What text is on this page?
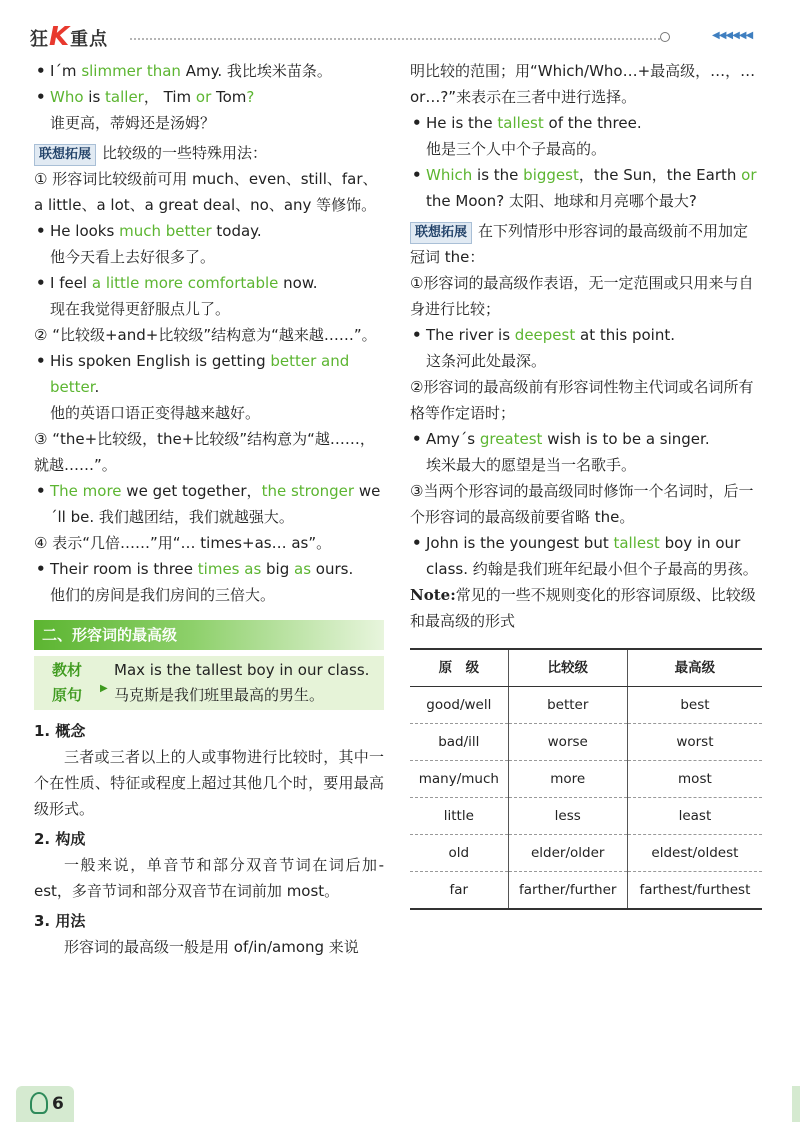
狂K重点	◀◀◀◀◀◀

• I´m slimmer than Amy. 我比埃米苗条。

• Who is taller， Tim or Tom?

谁更高，蒂姆还是汤姆？

联想拓展 比较级的一些特殊用法：

① 形容词比较级前可用 much、even、still、far、a little、a lot、a great deal、no、any 等修饰。

• He looks much better today.

他今天看上去好很多了。

• I feel a little more comfortable now.

现在我觉得更舒服点儿了。

② “比较级+and+比较级”结构意为“越来越……”。

• His spoken English is getting better and better.

他的英语口语正变得越来越好。

③ “the+比较级，the+比较级”结构意为“越……，就越……”。

• The more we get together，the stronger we´ll be. 我们越团结，我们就越强大。

④ 表示“几倍……”用“… times+as… as”。

• Their room is three times as big as ours.

他们的房间是我们房间的三倍大。

二、形容词的最高级
教材
原句 ▶
Max is the tallest boy in our class.
马克斯是我们班里最高的男生。

1. 概念

三者或三者以上的人或事物进行比较时，其中一个在性质、特征或程度上超过其他几个时，要用最高级形式。

2. 构成

一般来说，单音节和部分双音节词在词后加-est，多音节词和部分双音节在词前加 most。

3. 用法

形容词的最高级一般是用 of/in/among 来说

明比较的范围；用“Which/Who…+最高级，…，…or…?”来表示在三者中进行选择。

• He is the tallest of the three.

他是三个人中个子最高的。

• Which is the biggest，the Sun，the Earth or the Moon? 太阳、地球和月亮哪个最大?

联想拓展 在下列情形中形容词的最高级前不用加定冠词 the：

①形容词的最高级作表语，无一定范围或只用来与自身进行比较；

• The river is deepest at this point.

这条河此处最深。

②形容词的最高级前有形容词性物主代词或名词所有格等作定语时；

• Amy´s greatest wish is to be a singer.

埃米最大的愿望是当一名歌手。

③当两个形容词的最高级同时修饰一个名词时，后一个形容词的最高级前要省略 the。

• John is the youngest but tallest boy in our class. 约翰是我们班年纪最小但个子最高的男孩。

Note:常见的一些不规则变化的形容词原级、比较级和最高级的形式

原　级	比较级	最高级
good/well	better	best
bad/ill	worse	worst
many/much	more	most
little	less	least
old	elder/older	eldest/oldest
far	farther/further	farthest/furthest
6
